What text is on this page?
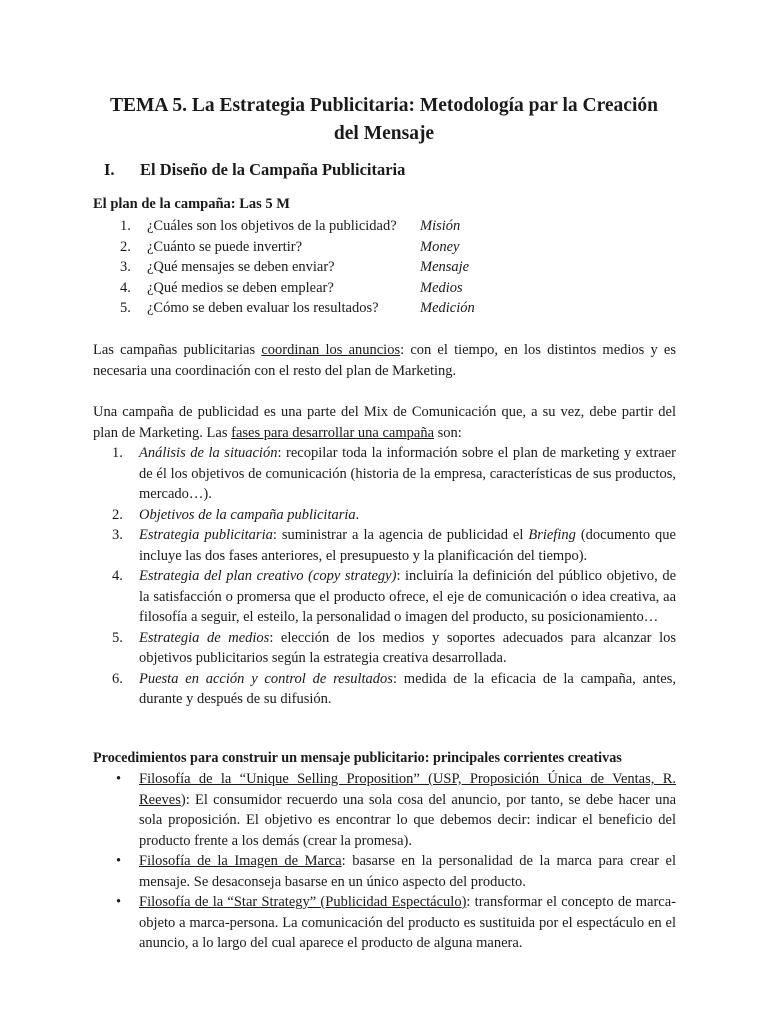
TEMA 5. La Estrategia Publicitaria: Metodología par la Creación
del Mensaje
I.	El Diseño de la Campaña Publicitaria
El plan de la campaña: Las 5 M
1.	¿Cuáles son los objetivos de la publicidad?	Misión
2.	¿Cuánto se puede invertir?	Money
3.	¿Qué mensajes se deben enviar?	Mensaje
4.	¿Qué medios se deben emplear?	Medios
5.	¿Cómo se deben evaluar los resultados?	Medición
Las campañas publicitarias coordinan los anuncios: con el tiempo, en los distintos medios y es necesaria una coordinación con el resto del plan de Marketing.
Una campaña de publicidad es una parte del Mix de Comunicación que, a su vez, debe partir del plan de Marketing. Las fases para desarrollar una campaña son:
1.	Análisis de la situación: recopilar toda la información sobre el plan de marketing y extraer de él los objetivos de comunicación (historia de la empresa, características de sus productos, mercado…).
2.	Objetivos de la campaña publicitaria.
3.	Estrategia publicitaria: suministrar a la agencia de publicidad el Briefing (documento que incluye las dos fases anteriores, el presupuesto y la planificación del tiempo).
4.	Estrategia del plan creativo (copy strategy): incluiría la definición del público objetivo, de la satisfacción o promersa que el producto ofrece, el eje de comunicación o idea creativa, aa filosofía a seguir, el esteilo, la personalidad o imagen del producto, su posicionamiento…
5.	Estrategia de medios: elección de los medios y soportes adecuados para alcanzar los objetivos publicitarios según la estrategia creativa desarrollada.
6.	Puesta en acción y control de resultados: medida de la eficacia de la campaña, antes, durante y después de su difusión.
Procedimientos para construir un mensaje publicitario: principales corrientes creativas
•	Filosofía de la “Unique Selling Proposition” (USP, Proposición Única de Ventas, R. Reeves): El consumidor recuerdo una sola cosa del anuncio, por tanto, se debe hacer una sola proposición. El objetivo es encontrar lo que debemos decir: indicar el beneficio del producto frente a los demás (crear la promesa).
•	Filosofía de la Imagen de Marca: basarse en la personalidad de la marca para crear el mensaje. Se desaconseja basarse en un único aspecto del producto.
•	Filosofía de la “Star Strategy” (Publicidad Espectáculo): transformar el concepto de marca-objeto a marca-persona. La comunicación del producto es sustituida por el espectáculo en el anuncio, a lo largo del cual aparece el producto de alguna manera.
